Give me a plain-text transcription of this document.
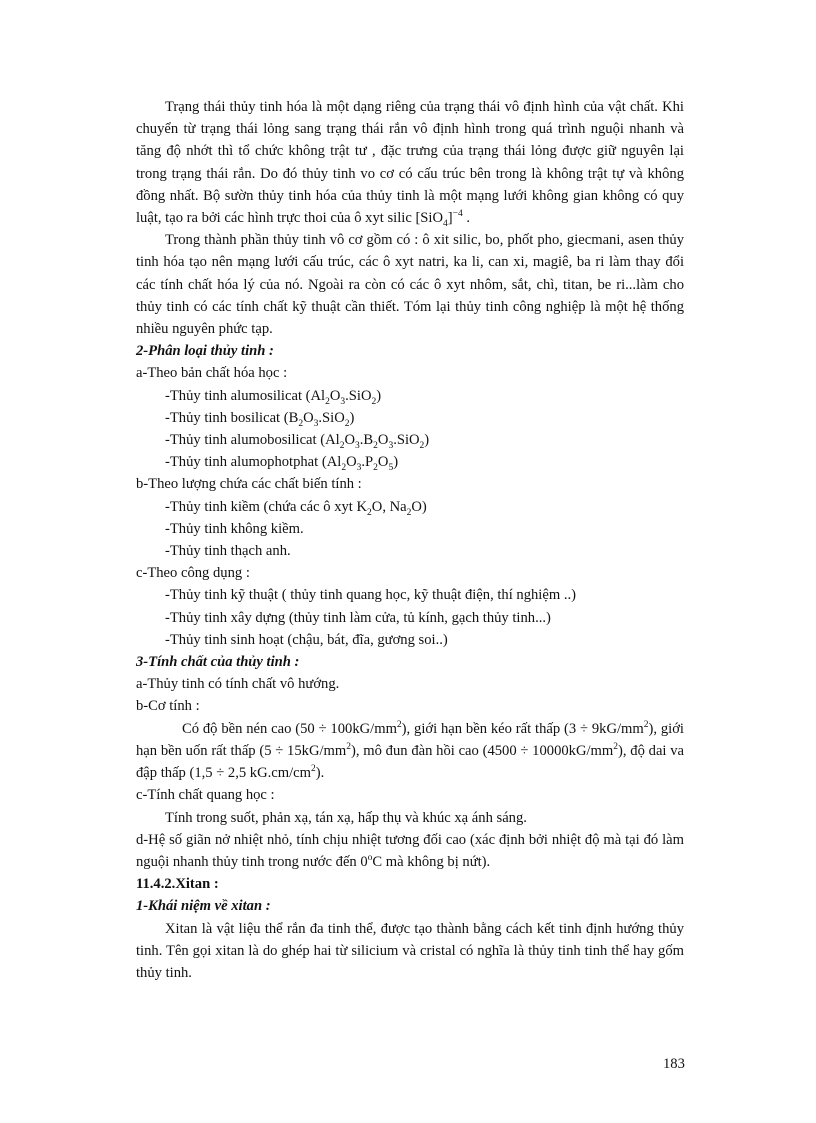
Trạng thái thủy tinh hóa là một dạng riêng của trạng thái vô định hình của vật chất. Khi chuyển từ trạng thái lỏng sang trạng thái rắn vô định hình trong quá trình nguội nhanh và tăng độ nhớt thì tổ chức không trật tư , đặc trưng của trạng thái lỏng được giữ nguyên lại trong trạng thái rắn. Do đó thủy tinh vo cơ có cấu trúc bên trong là không trật tự và không đồng nhất. Bộ sườn thủy tinh hóa của thủy tinh là một mạng lưới không gian không có quy luật, tạo ra bởi các hình trực thoi của ô xyt silic $[SiO_4]^{-4}$ .

Trong thành phần thủy tinh vô cơ gồm có : ô xit silic, bo, phốt pho, giecmani, asen thủy tinh hóa tạo nên mạng lưới cấu trúc, các ô xyt natri, ka li, can xi, magiê, ba ri làm thay đổi các tính chất hóa lý của nó. Ngoài ra còn có các ô xyt nhôm, sắt, chì, titan, be ri...làm cho thủy tinh có các tính chất kỹ thuật cần thiết. Tóm lại thủy tinh công nghiệp là một hệ thống nhiều nguyên phức tạp.

2-Phân loại thủy tinh :

a-Theo bản chất hóa học :

-Thủy tinh alumosilicat $(Al_2O_3.SiO_2)$

-Thủy tinh bosilicat $(B_2O_3.SiO_2)$

-Thủy tinh alumobosilicat $(Al_2O_3.B_2O_3.SiO_2)$

-Thủy tinh alumophotphat $(Al_2O_3.P_2O_5)$

b-Theo lượng chứa các chất biến tính :

-Thủy tinh kiềm (chứa các ô xyt $K_2O$, $Na_2O$)

-Thủy tinh không kiềm.

-Thủy tinh thạch anh.

c-Theo công dụng :

-Thủy tinh kỹ thuật ( thủy tinh quang học, kỹ thuật điện, thí nghiệm ..)

-Thủy tinh xây dựng (thủy tinh làm cửa, tủ kính, gạch thủy tinh...)

-Thủy tinh sinh hoạt (chậu, bát, đĩa, gương soi..)

3-Tính chất của thủy tinh :

a-Thủy tinh có tính chất vô hướng.

b-Cơ tính :

Có độ bền nén cao $(50 \div 100kG/mm^2)$, giới hạn bền kéo rất thấp $(3 \div 9kG/mm^2)$, giới hạn bền uốn rất thấp $(5 \div 15kG/mm^2)$, mô đun đàn hồi cao $(4500 \div 10000kG/mm^2)$, độ dai va đập thấp (1,5 ÷ 2,5 $kG.cm/cm^2$).

c-Tính chất quang học :

Tính trong suốt, phản xạ, tán xạ, hấp thụ và khúc xạ ánh sáng.

d-Hệ số giãn nở nhiệt nhỏ, tính chịu nhiệt tương đối cao (xác định bởi nhiệt độ mà tại đó làm nguội nhanh thủy tinh trong nước đến 0$^o$C mà không bị nứt).

11.4.2.Xitan :

1-Khái niệm về xitan :

Xitan là vật liệu thể rắn đa tinh thể, được tạo thành bằng cách kết tinh định hướng thủy tinh. Tên gọi xitan là do ghép hai từ silicium và cristal có nghĩa là thủy tinh tinh thể hay gốm thủy tinh.

183
